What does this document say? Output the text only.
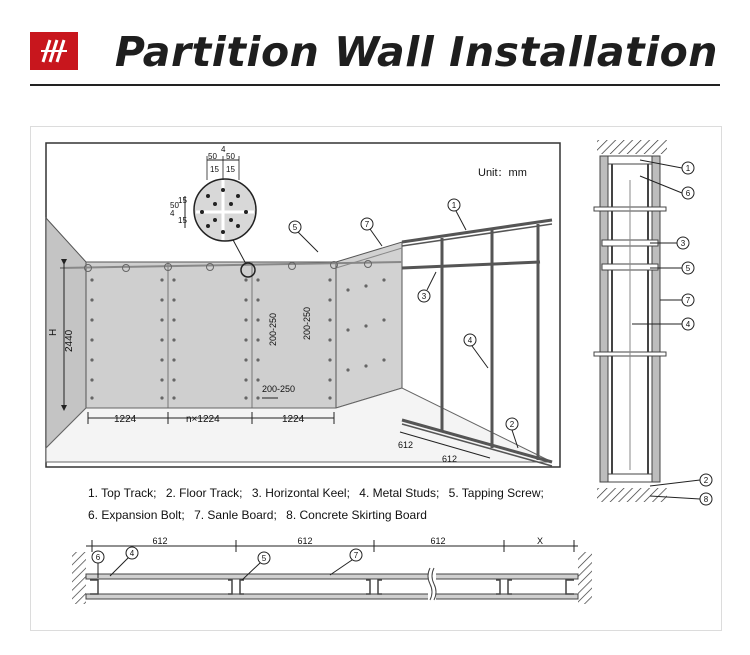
Partition Wall Installation
4
50 50
15 15
50
4
15
15
Unit：mm
H 2440
1224	n×1224	1224
200-250
200-250
200-250
612
612
5	7
1
3
4
2
1
6
3
5
7
4
2
8
612	612	612	X
6	4
5	7
1. Top Track; 2. Floor Track; 3. Horizontal Keel; 4. Metal Studs; 5. Tapping Screw;
6. Expansion Bolt; 7. Sanle Board; 8. Concrete Skirting Board
